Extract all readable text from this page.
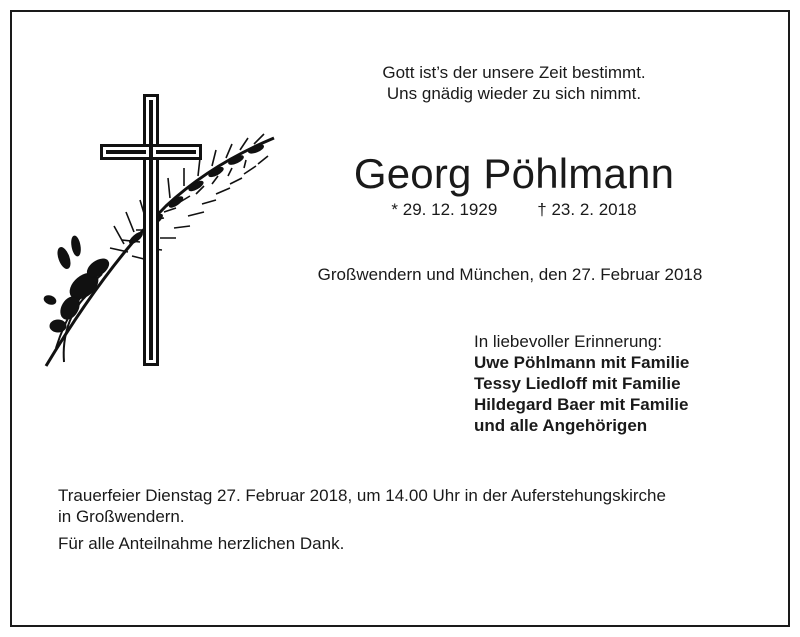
Gott ist’s der unsere Zeit bestimmt.
Uns gnädig wieder zu sich nimmt.
Georg Pöhlmann
* 29. 12. 1929 † 23. 2. 2018
Großwendern und München, den 27. Februar 2018
In liebevoller Erinnerung:
Uwe Pöhlmann mit Familie
Tessy Liedloff mit Familie
Hildegard Baer mit Familie
und alle Angehörigen
Trauerfeier Dienstag 27. Februar 2018, um 14.00 Uhr in der Auferstehungskirche
in Großwendern.
Für alle Anteilnahme herzlichen Dank.
